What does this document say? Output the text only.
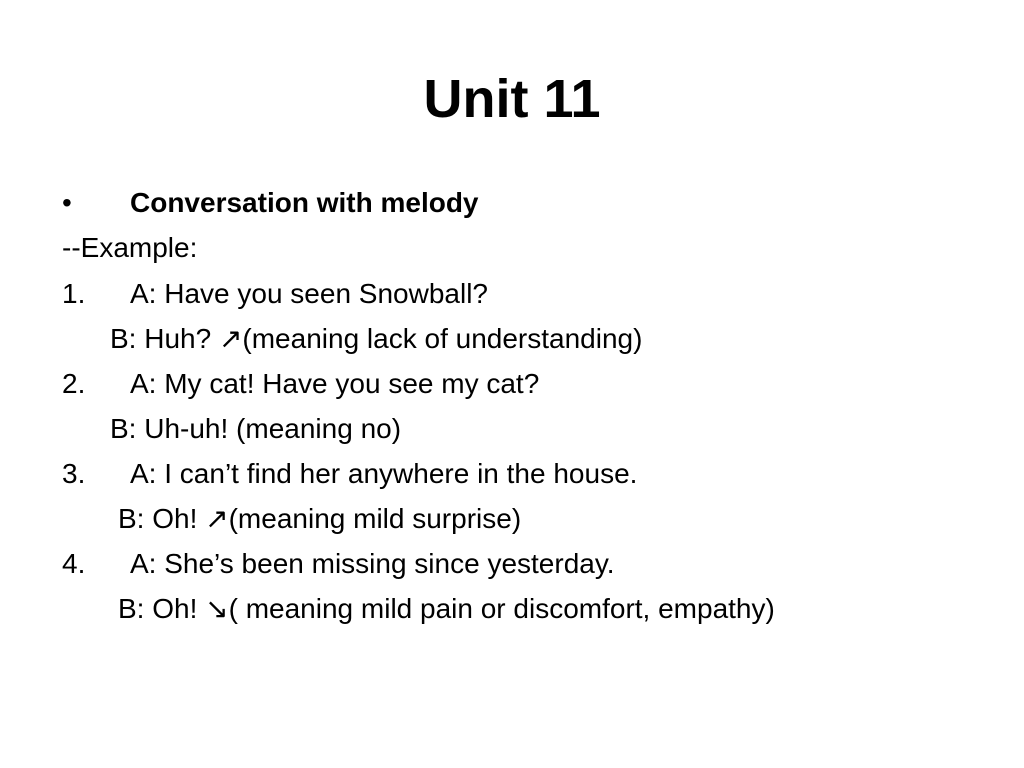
Unit 11
• Conversation with melody
--Example:
1. A: Have you seen Snowball?
B: Huh? ↗(meaning lack of understanding)
2. A: My cat! Have you see my cat?
B: Uh-uh! (meaning no)
3. A: I can’t find her anywhere in the house.
B: Oh! ↗(meaning mild surprise)
4. A: She’s been missing since yesterday.
B: Oh! ↘( meaning mild pain or discomfort, empathy)
